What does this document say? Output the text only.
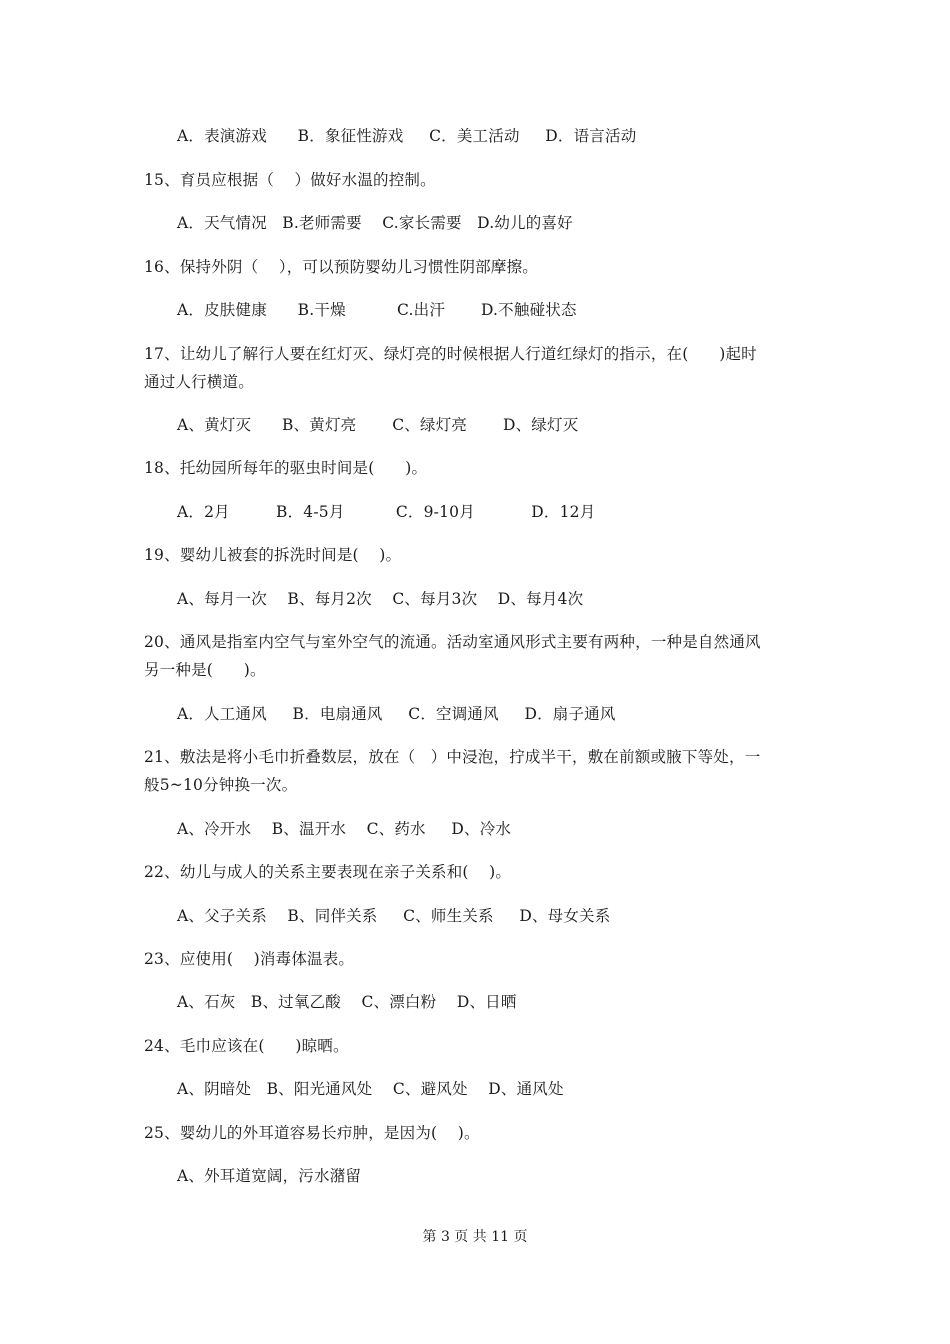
A．表演游戏      B．象征性游戏     C．美工活动     D．语言活动
15、育员应根据（    ）做好水温的控制。
A．天气情况   B.老师需要    C.家长需要   D.幼儿的喜好
16、保持外阴（    ），可以预防婴幼儿习惯性阴部摩擦。
A．皮肤健康      B.干燥          C.出汗       D.不触碰状态
17、让幼儿了解行人要在红灯灭、绿灯亮的时候根据人行道红绿灯的指示，在(      )起时
通过人行横道。
A、黄灯灭      B、黄灯亮       C、绿灯亮       D、绿灯灭
18、托幼园所每年的驱虫时间是(      )。
A．2月         B．4-5月          C．9-10月           D．12月
19、婴幼儿被套的拆洗时间是(    )。
A、每月一次    B、每月2次    C、每月3次    D、每月4次
20、通风是指室内空气与室外空气的流通。活动室通风形式主要有两种，一种是自然通风
另一种是(      )。
A．人工通风     B．电扇通风     C．空调通风     D．扇子通风
21、敷法是将小毛巾折叠数层，放在（   ）中浸泡，拧成半干，敷在前额或腋下等处，一
般5~10分钟换一次。
A、冷开水    B、温开水    C、药水     D、冷水
22、幼儿与成人的关系主要表现在亲子关系和(    )。
A、父子关系    B、同伴关系     C、师生关系     D、母女关系
23、应使用(    )消毒体温表。
A、石灰   B、过氧乙酸    C、漂白粉    D、日晒
24、毛巾应该在(      )晾晒。
A、阴暗处   B、阳光通风处    C、避风处    D、通风处
25、婴幼儿的外耳道容易长疖肿，是因为(    )。
A、外耳道宽阔，污水潴留
第 3 页 共 11 页
